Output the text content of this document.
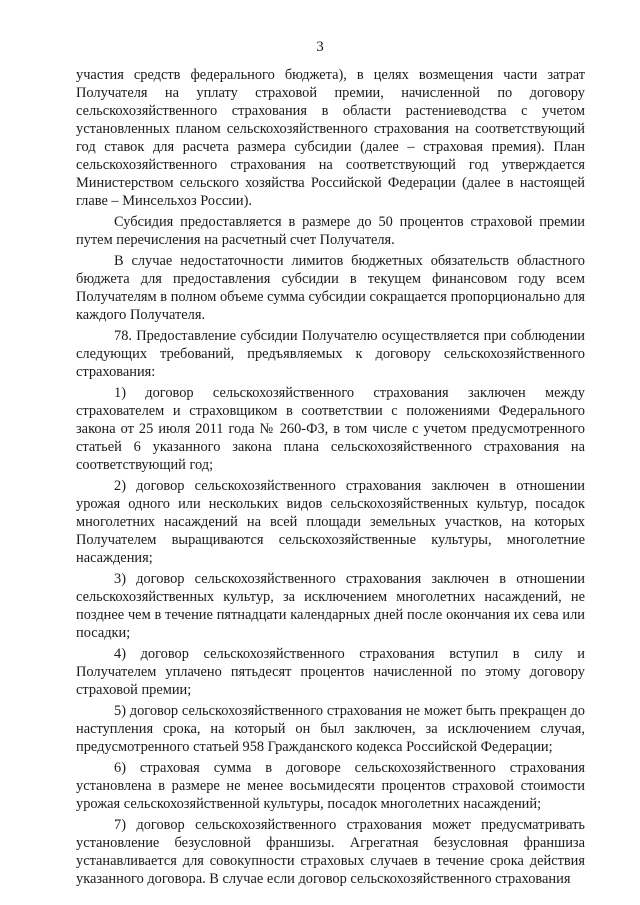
3

участия средств федерального бюджета), в целях возмещения части затрат Получателя на уплату страховой премии, начисленной по договору сельскохозяйственного страхования в области растениеводства с учетом установленных планом сельскохозяйственного страхования на соответствующий год ставок для расчета размера субсидии (далее – страховая премия). План сельскохозяйственного страхования на соответствующий год утверждается Министерством сельского хозяйства Российской Федерации (далее в настоящей главе – Минсельхоз России).

Субсидия предоставляется в размере до 50 процентов страховой премии путем перечисления на расчетный счет Получателя.

В случае недостаточности лимитов бюджетных обязательств областного бюджета для предоставления субсидии в текущем финансовом году всем Получателям в полном объеме сумма субсидии сокращается пропорционально для каждого Получателя.

78. Предоставление субсидии Получателю осуществляется при соблюдении следующих требований, предъявляемых к договору сельскохозяйственного страхования:

1) договор сельскохозяйственного страхования заключен между страхователем и страховщиком в соответствии с положениями Федерального закона от 25 июля 2011 года № 260-ФЗ, в том числе с учетом предусмотренного статьей 6 указанного закона плана сельскохозяйственного страхования на соответствующий год;

2) договор сельскохозяйственного страхования заключен в отношении урожая одного или нескольких видов сельскохозяйственных культур, посадок многолетних насаждений на всей площади земельных участков, на которых Получателем выращиваются сельскохозяйственные культуры, многолетние насаждения;

3) договор сельскохозяйственного страхования заключен в отношении сельскохозяйственных культур, за исключением многолетних насаждений, не позднее чем в течение пятнадцати календарных дней после окончания их сева или посадки;

4) договор сельскохозяйственного страхования вступил в силу и Получателем уплачено пятьдесят процентов начисленной по этому договору страховой премии;

5) договор сельскохозяйственного страхования не может быть прекращен до наступления срока, на который он был заключен, за исключением случая, предусмотренного статьей 958 Гражданского кодекса Российской Федерации;

6) страховая сумма в договоре сельскохозяйственного страхования установлена в размере не менее восьмидесяти процентов страховой стоимости урожая сельскохозяйственной культуры, посадок многолетних насаждений;

7) договор сельскохозяйственного страхования может предусматривать установление безусловной франшизы. Агрегатная безусловная франшиза устанавливается для совокупности страховых случаев в течение срока действия указанного договора. В случае если договор сельскохозяйственного страхования
